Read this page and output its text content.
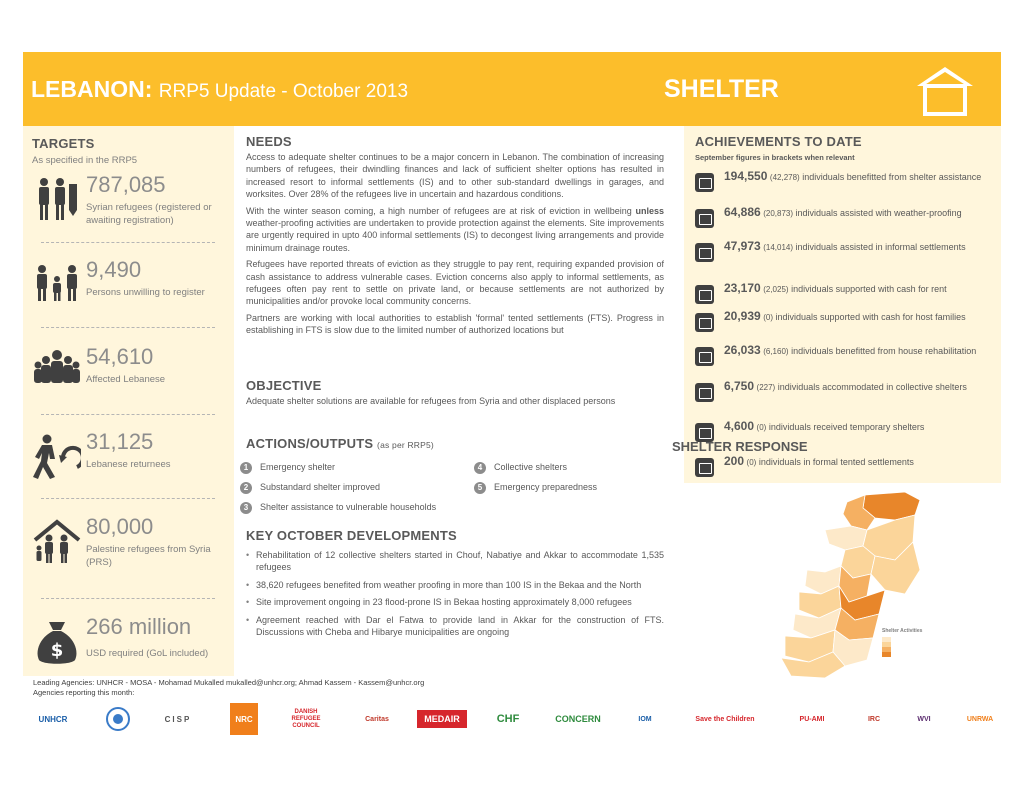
LEBANON: RRP5 Update - October 2013	SHELTER
TARGETS
As specified in the RRP5
787,085
Syrian refugees (registered or awaiting registration)
9,490
Persons unwilling to register
54,610
Affected Lebanese
31,125
Lebanese returnees
80,000
Palestine refugees from Syria (PRS)
$
266 million
USD required (GoL included)
NEEDS

Access to adequate shelter continues to be a major concern in Lebanon. The combination of increasing numbers of refugees, their dwindling finances and lack of sufficient shelter options has resulted in increased resort to informal settlements (IS) and to other sub-standard dwellings in garages, and worksites. Over 28% of the refugees live in uncertain and hazardous conditions.

With the winter season coming, a high number of refugees are at risk of eviction in wellbeing unless weather-proofing activities are undertaken to provide protection against the elements. Site improvements are urgently required in upto 400 informal settlements (IS) to decongest living arrangements and provide minimum drainage routes.

Refugees have reported threats of eviction as they struggle to pay rent, requiring expanded provision of cash assistance to address vulnerable cases. Eviction concerns also apply to informal settlements, as refugees often pay rent to settle on private land, or because settlements are not authorized by municipalities and/or provoke local community concerns.

Partners are working with local authorities to establish 'formal' tented settlements (FTS). Progress in establishing in FTS is slow due to the limited number of authorized locations but

OBJECTIVE

Adequate shelter solutions are available for refugees from Syria and other displaced persons

ACTIONS/OUTPUTS (as per RRP5)
1 Emergency shelter
2 Substandard shelter improved
3 Shelter assistance to vulnerable households
4 Collective shelters
5 Emergency preparedness
KEY OCTOBER DEVELOPMENTS
• Rehabilitation of 12 collective shelters started in Chouf, Nabatiye and Akkar to accommodate 1,535 refugees
• 38,620 refugees benefited from weather proofing in more than 100 IS in the Bekaa and the North
• Site improvement ongoing in 23 flood-prone IS in Bekaa hosting approximately 8,000 refugees
• Agreement reached with Dar el Fatwa to provide land in Akkar for the construction of FTS. Discussions with Cheba and Hibarye municipalities are ongoing
ACHIEVEMENTS TO DATE
September figures in brackets when relevant
194,550 (42,278) individuals benefitted from shelter assistance
64,886 (20,873) individuals assisted with weather-proofing
47,973 (14,014) individuals assisted in informal settlements
23,170 (2,025) individuals supported with cash for rent
20,939 (0) individuals supported with cash for host families
26,033 (6,160) individuals benefitted from house rehabilitation
6,750 (227) individuals accommodated in collective shelters
4,600 (0) individuals received temporary shelters
200 (0) individuals in formal tented settlements
SHELTER RESPONSE
Shelter Activities
Leading Agencies: UNHCR - MOSA - Mohamad Mukalled mukalled@unhcr.org; Ahmad Kassem - Kassem@unhcr.org
Agencies reporting this month:
UNHCR	CISP	NRC
DANISH REFUGEE COUNCIL
Caritas	MEDAIR	CHF	CONCERN	IOM	Save the Children	PU-AMI	IRC	WVI	UNRWA
